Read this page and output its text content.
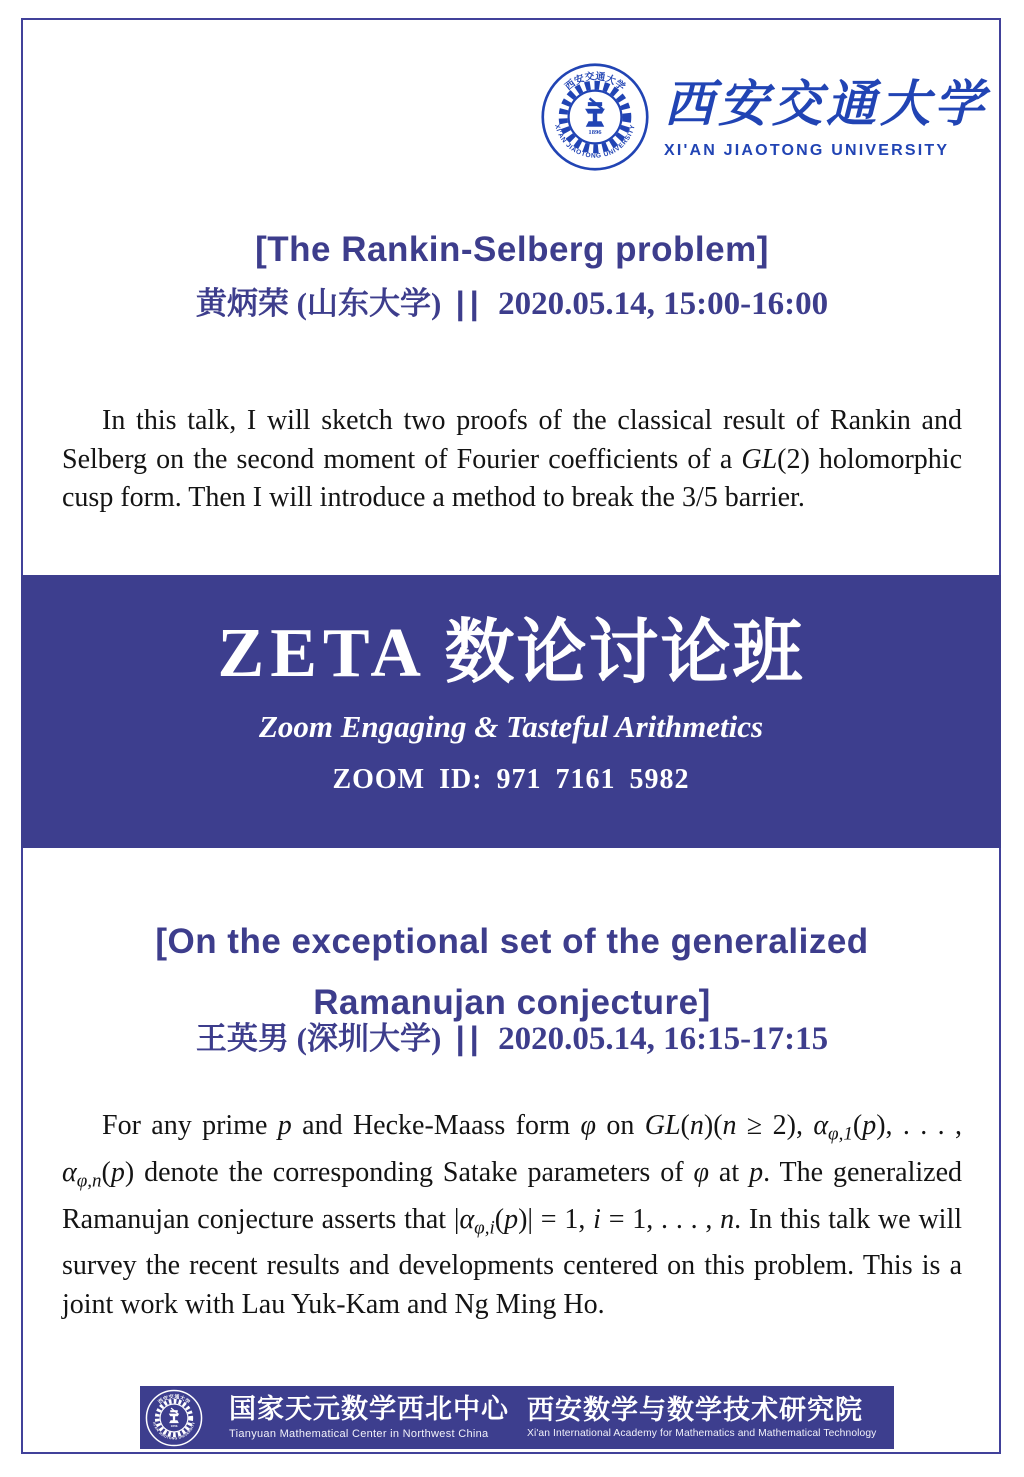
西安交通大学
XI'AN JIAOTONG UNIVERSITY
1896
西安交通大学
XI'AN JIAOTONG UNIVERSITY
[The Rankin-Selberg problem]
黄炳荣 (山东大学) || 2020.05.14, 15:00-16:00

In this talk, I will sketch two proofs of the classical result of Rankin and Selberg on the second moment of Fourier coefficients of a GL(2) holomorphic cusp form. Then I will introduce a method to break the 3/5 barrier.

ZETA 数论讨论班
Zoom Engaging & Tasteful Arithmetics
ZOOM ID: 971 7161 5982
[On the exceptional set of the generalized Ramanujan conjecture]
王英男 (深圳大学) || 2020.05.14, 16:15-17:15

For any prime p and Hecke-Maass form φ on GL(n)(n ≥ 2), αφ,1(p), . . . , αφ,n(p) denote the corresponding Satake parameters of φ at p. The generalized Ramanujan conjecture asserts that |αφ,i(p)| = 1, i = 1, . . . , n. In this talk we will survey the recent results and developments centered on this problem. This is a joint work with Lau Yuk-Kam and Ng Ming Ho.

西安交通大学
XI'AN JIAOTONG UNIVERSITY
1896
国家天元数学西北中心
Tianyuan Mathematical Center in Northwest China
西安数学与数学技术研究院
Xi'an International Academy for Mathematics and Mathematical Technology
